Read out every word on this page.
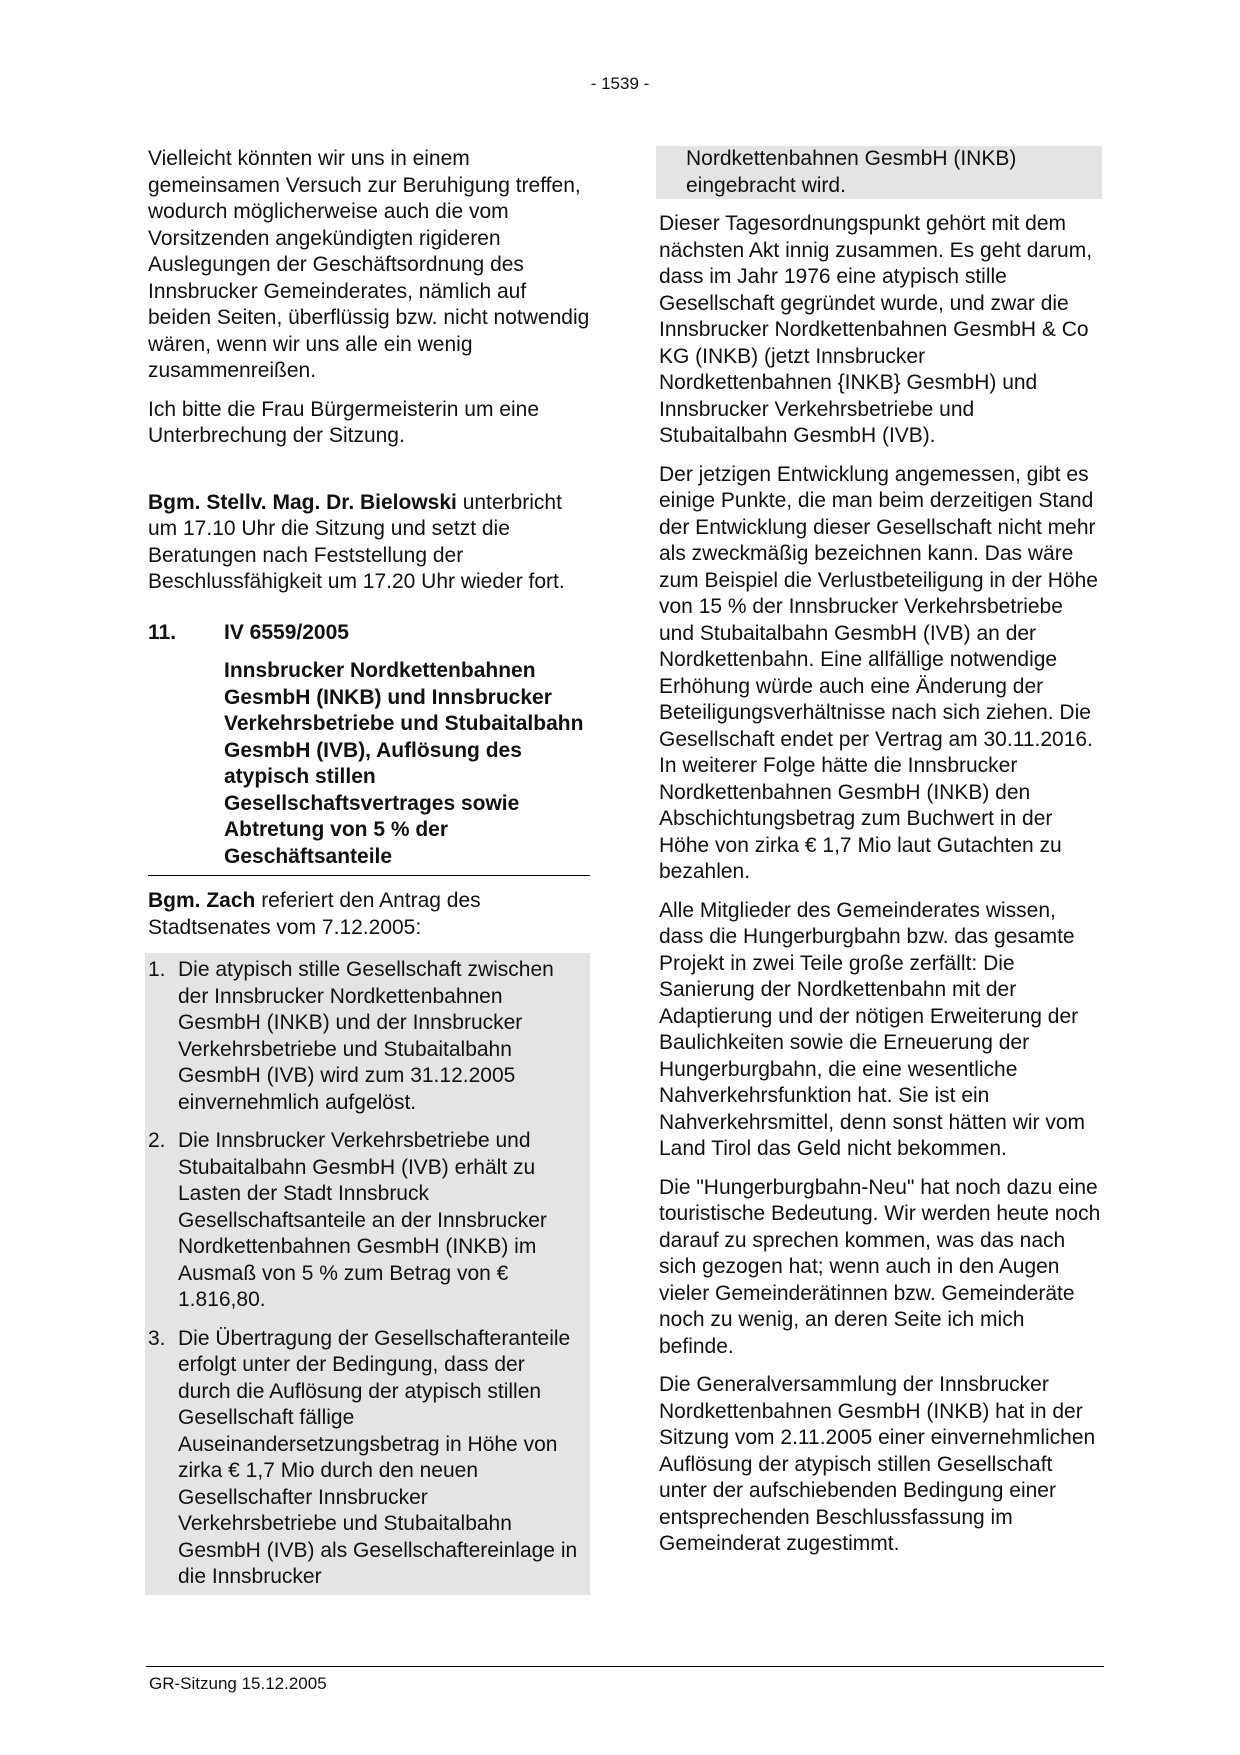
- 1539 -

Vielleicht könnten wir uns in einem gemeinsamen Versuch zur Beruhigung treffen, wodurch möglicherweise auch die vom Vorsitzenden angekündigten rigideren Auslegungen der Geschäftsordnung des Innsbrucker Gemeinderates, nämlich auf beiden Seiten, überflüssig bzw. nicht notwendig wären, wenn wir uns alle ein wenig zusammenreißen.

Ich bitte die Frau Bürgermeisterin um eine Unterbrechung der Sitzung.

Bgm. Stellv. Mag. Dr. Bielowski unterbricht um 17.10 Uhr die Sitzung und setzt die Beratungen nach Feststellung der Beschlussfähigkeit um 17.20 Uhr wieder fort.

11.	IV 6559/2005
Innsbrucker Nordkettenbahnen GesmbH (INKB) und Innsbrucker Verkehrsbetriebe und Stubaitalbahn GesmbH (IVB), Auflösung des atypisch stillen Gesellschaftsvertrages sowie Abtretung von 5 % der Geschäftsanteile

Bgm. Zach referiert den Antrag des Stadtsenates vom 7.12.2005:

1. Die atypisch stille Gesellschaft zwischen der Innsbrucker Nordkettenbahnen GesmbH (INKB) und der Innsbrucker Verkehrsbetriebe und Stubaitalbahn GesmbH (IVB) wird zum 31.12.2005 einvernehmlich aufgelöst.
2. Die Innsbrucker Verkehrsbetriebe und Stubaitalbahn GesmbH (IVB) erhält zu Lasten der Stadt Innsbruck Gesellschaftsanteile an der Innsbrucker Nordkettenbahnen GesmbH (INKB) im Ausmaß von 5 % zum Betrag von € 1.816,80.
3. Die Übertragung der Gesellschafteranteile erfolgt unter der Bedingung, dass der durch die Auflösung der atypisch stillen Gesellschaft fällige Auseinandersetzungsbetrag in Höhe von zirka € 1,7 Mio durch den neuen Gesellschafter Innsbrucker Verkehrsbetriebe und Stubaitalbahn GesmbH (IVB) als Gesellschaftereinlage in die Innsbrucker
Nordkettenbahnen GesmbH (INKB) eingebracht wird.

Dieser Tagesordnungspunkt gehört mit dem nächsten Akt innig zusammen. Es geht darum, dass im Jahr 1976 eine atypisch stille Gesellschaft gegründet wurde, und zwar die Innsbrucker Nordkettenbahnen GesmbH & Co KG (INKB) (jetzt Innsbrucker Nordkettenbahnen {INKB} GesmbH) und Innsbrucker Verkehrsbetriebe und Stubaitalbahn GesmbH (IVB).

Der jetzigen Entwicklung angemessen, gibt es einige Punkte, die man beim derzeitigen Stand der Entwicklung dieser Gesellschaft nicht mehr als zweckmäßig bezeichnen kann. Das wäre zum Beispiel die Verlustbeteiligung in der Höhe von 15 % der Innsbrucker Verkehrsbetriebe und Stubaitalbahn GesmbH (IVB) an der Nordkettenbahn. Eine allfällige notwendige Erhöhung würde auch eine Änderung der Beteiligungsverhältnisse nach sich ziehen. Die Gesellschaft endet per Vertrag am 30.11.2016. In weiterer Folge hätte die Innsbrucker Nordkettenbahnen GesmbH (INKB) den Abschichtungsbetrag zum Buchwert in der Höhe von zirka € 1,7 Mio laut Gutachten zu bezahlen.

Alle Mitglieder des Gemeinderates wissen, dass die Hungerburgbahn bzw. das gesamte Projekt in zwei Teile große zerfällt: Die Sanierung der Nordkettenbahn mit der Adaptierung und der nötigen Erweiterung der Baulichkeiten sowie die Erneuerung der Hungerburgbahn, die eine wesentliche Nahverkehrsfunktion hat. Sie ist ein Nahverkehrsmittel, denn sonst hätten wir vom Land Tirol das Geld nicht bekommen.

Die "Hungerburgbahn-Neu" hat noch dazu eine touristische Bedeutung. Wir werden heute noch darauf zu sprechen kommen, was das nach sich gezogen hat; wenn auch in den Augen vieler Gemeinderätinnen bzw. Gemeinderäte noch zu wenig, an deren Seite ich mich befinde.

Die Generalversammlung der Innsbrucker Nordkettenbahnen GesmbH (INKB) hat in der Sitzung vom 2.11.2005 einer einvernehmlichen Auflösung der atypisch stillen Gesellschaft unter der aufschiebenden Bedingung einer entsprechenden Beschlussfassung im Gemeinderat zugestimmt.

GR-Sitzung 15.12.2005
